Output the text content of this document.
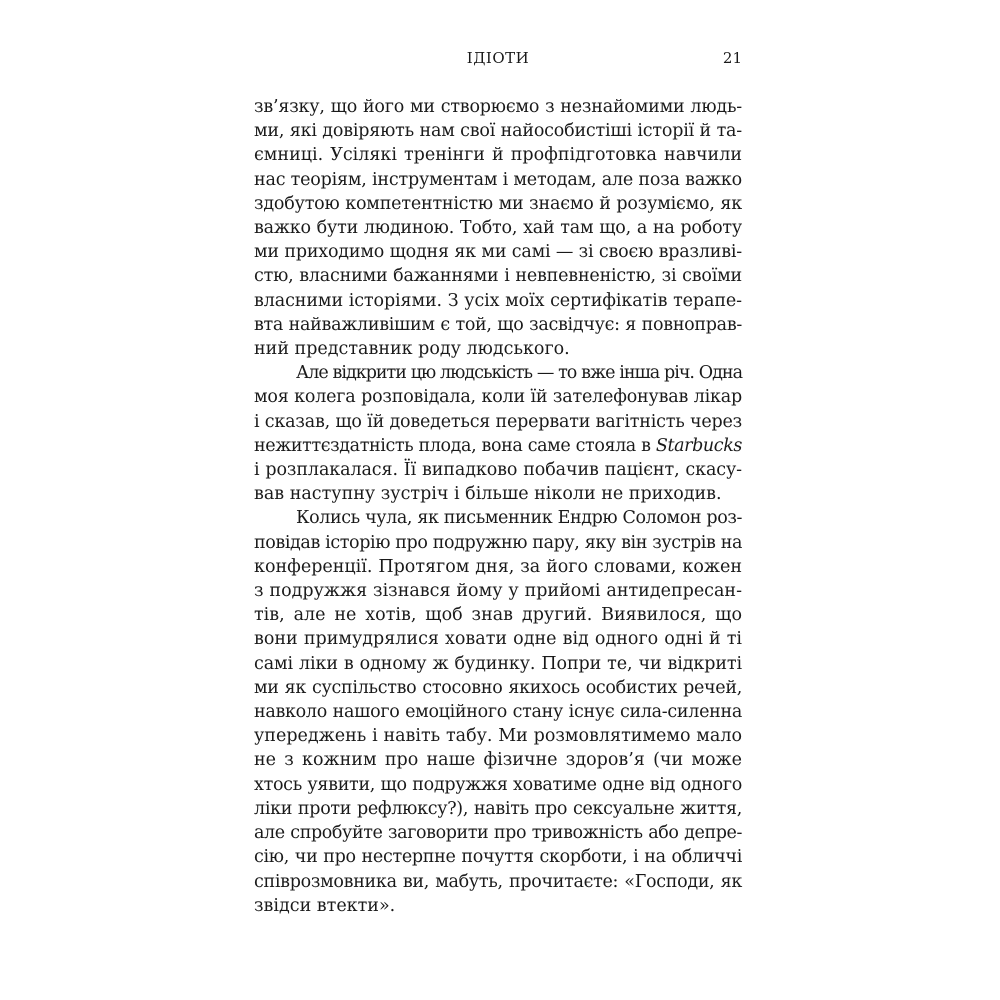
ІДІОТИ	21

зв’язку, що його ми створюємо з незнайомими людь-
ми, які довіряють нам свої найособистіші історії й та-
ємниці. Усілякі тренінги й профпідготовка навчили
нас теоріям, інструментам і методам, але поза важко
здобутою компетентністю ми знаємо й розуміємо, як
важко бути людиною. Тобто, хай там що, а на роботу
ми приходимо щодня як ми самі — зі своєю вразливі-
стю, власними бажаннями і невпевненістю, зі своїми
власними історіями. З усіх моїх сертифікатів терапе-
вта найважливішим є той, що засвідчує: я повноправ-
ний представник роду людського.

Але відкрити цю людськість — то вже інша річ. Одна
моя колега розповідала, коли їй зателефонував лікар
і сказав, що їй доведеться перервати вагітність через
нежиттєздатність плода, вона саме стояла в Starbucks
і розплакалася. Її випадково побачив пацієнт, скасу-
вав наступну зустріч і більше ніколи не приходив.

Колись чула, як письменник Ендрю Соломон роз-
повідав історію про подружню пару, яку він зустрів на
конференції. Протягом дня, за його словами, кожен
з подружжя зізнався йому у прийомі антидепресан-
тів, але не хотів, щоб знав другий. Виявилося, що
вони примудрялися ховати одне від одного одні й ті
самі ліки в одному ж будинку. Попри те, чи відкриті
ми як суспільство стосовно якихось особистих речей,
навколо нашого емоційного стану існує сила-силенна
упереджень і навіть табу. Ми розмовлятимемо мало
не з кожним про наше фізичне здоров’я (чи може
хтось уявити, що подружжя ховатиме одне від одного
ліки проти рефлюксу?), навіть про сексуальне життя,
але спробуйте заговорити про тривожність або депре-
сію, чи про нестерпне почуття скорботи, і на обличчі
співрозмовника ви, мабуть, прочитаєте: «Господи, як
звідси втекти».
